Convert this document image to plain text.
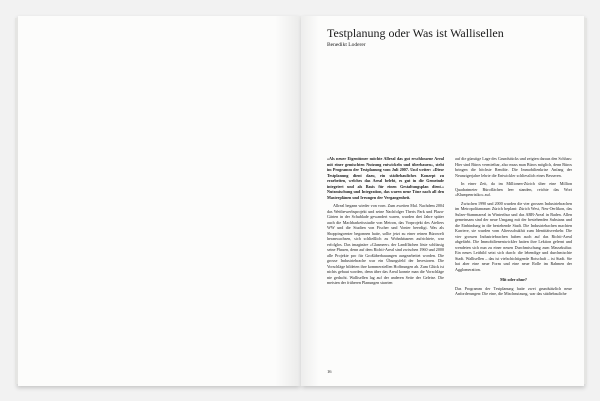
Testplanung oder Was ist Wallisellen
Benedikt Loderer

«Als neuer Eigentümer möchte Allreal das gut erschlossene Areal mit einer gemischten Nutzung entwickeln und überbauen», steht im Programm der Testplanung vom Juli 2007. Und weiter: «Diese Testplanung dient dazu, ein städtebauliches Konzept zu erarbeiten, welches das Areal belebt, es gut in die Gemeinde integriert und als Basis für einen Gestaltungsplan dient.» Nutzmischung und Integration, das waren neue Töne nach all den Masterplänen und Irrungen der Vergangenheit.

Allreal begann wieder von vorn. Zum zweiten Mal. Nachdem 2004 das Wettbewerbsprojekt und seine Nachfolger Theris Park und Plaza-Gärten in der Schublade gewandert waren, wurden drei Jahre später auch die Machbarkeitsstudie von Metron, das Vorprojekt des Ateliers WW und die Studien von Fischer und Vonier beerdigt. Was als Shoppingcenter begonnen hatte, sollte jetzt zu einer reinen Bürowelt heranwachsen, sich schließlich zu Wohnhäusern aufrichtete, war erfolglos. Das imaginäre «Glasmeer» der Landflächen löste schlüssig seine Phasen, denn auf dem Richti-Areal sind zwischen 1960 und 2000 alle Projekte pro für Großüberbauungen ausgearbeitet worden. Die grosse Industriebrache war ein Übungsfeld der Investoren. Die Vorschläge bildeten ihre kommerziellen Hoffnungen ab. Zum Glück ist nichts gebaut worden, denn über das Areal konnte man die Vorschläge nie gedacht. Wallisellen lag auf der anderen Seite der Geleise. Die meisten der früheren Planungen starrten

auf die günstige Lage des Grundstücks und zeigten daraus den Schluss: Hier sind Büros vermietbar, also muss man Büros möglich, denn Büros bringen die höchste Rendite. Die Immobilienkrise Anfang der Neunzigerjahre lehrte die Entwickler schliesslich eines Besseren.

In einer Zeit, da im Millionen-Zürich über eine Million Quadratmeter Büroflächen leer standen, reichte das Wort «Klumpenrisiko» auf.

Zwischen 1990 und 2000 wurden die vier grossen Industriebrachen im Metropolitanraum Zürich beplant: Zürich West, Neu-Oerlikon, das Sulzer-Stammareal in Winterthur und das ABB-Areal in Baden. Allen gemeinsam sind der neue Umgang mit der bestehenden Substanz und die Einbindung in die bestehende Stadt. Die Industriebachen machten Karriere, sie wurden vom Altersschukhit zum Identitätsverkehr. Die vier grossen Industriebrachen haben auch auf das Richti-Areal abgefärbt. Die Immobilienentwickler hatten ihre Lektion gelernt und wendeten sich nun zu einer neuen Durchmischung zum Massekultur. Ein neues Leitbild setzt sich durch: die lebendige und durchmischte Stadt. Wallisellen – das ist vielschichtigende Botschaft – ist Stadt. Sie hat aber eine neue Form und eine neue Rolle im Rahmen der Agglomeration.

Mit oder ohne?

Das Programm der Testplanung hatte zwei grundsätzlich neue Anforderungen: Die eine, die Mischnutzung, war das städtebauliche

16
